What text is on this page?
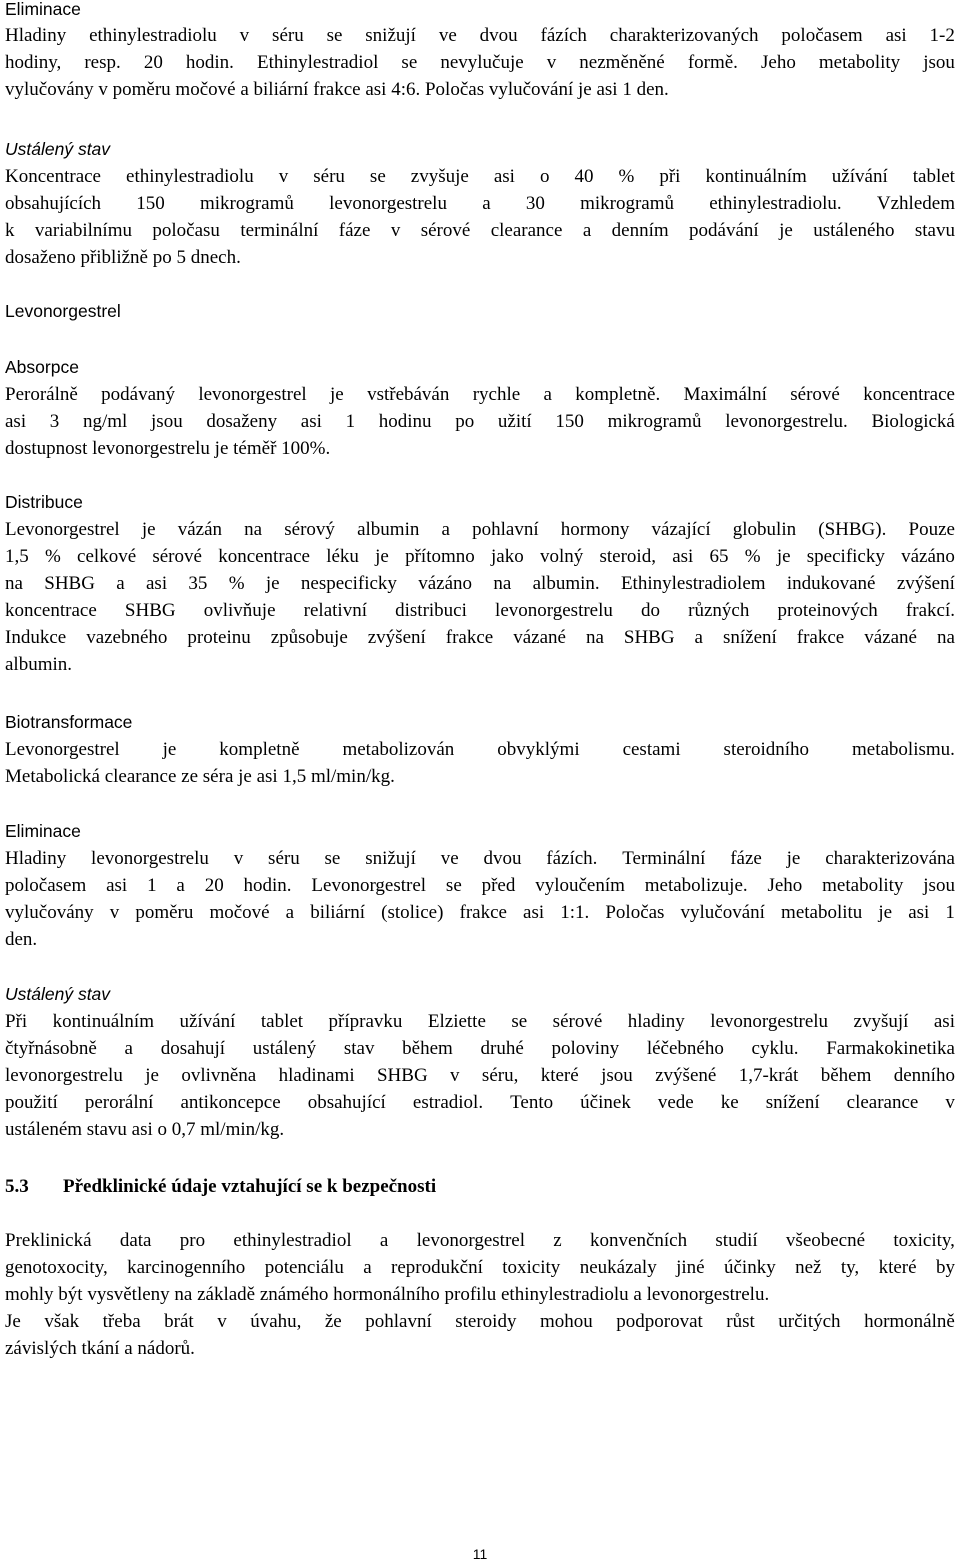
Eliminace
Hladiny ethinylestradiolu v séru se snižují ve dvou fázích charakterizovaných poločasem asi 1-2
hodiny, resp. 20 hodin. Ethinylestradiol se nevylučuje v nezměněné formě. Jeho metabolity jsou
vylučovány v poměru močové a biliární frakce asi 4:6. Poločas vylučování je asi 1 den.
Ustálený stav
Koncentrace ethinylestradiolu v séru se zvyšuje asi o 40 % při kontinuálním užívání tablet
obsahujících 150 mikrogramů levonorgestrelu a 30 mikrogramů ethinylestradiolu. Vzhledem
k variabilnímu poločasu terminální fáze v sérové clearance a denním podávání je ustáleného stavu
dosaženo přibližně po 5 dnech.
Levonorgestrel
Absorpce
Perorálně podávaný levonorgestrel je vstřebáván rychle a kompletně. Maximální sérové koncentrace
asi 3 ng/ml jsou dosaženy asi 1 hodinu po užití 150 mikrogramů levonorgestrelu. Biologická
dostupnost levonorgestrelu je téměř 100%.
Distribuce
Levonorgestrel je vázán na sérový albumin a pohlavní hormony vázající globulin (SHBG). Pouze
1,5 % celkové sérové koncentrace léku je přítomno jako volný steroid, asi 65 % je specificky vázáno
na SHBG a asi 35 % je nespecificky vázáno na albumin. Ethinylestradiolem indukované zvýšení
koncentrace SHBG ovlivňuje relativní distribuci levonorgestrelu do různých proteinových frakcí.
Indukce vazebného proteinu způsobuje zvýšení frakce vázané na SHBG a snížení frakce vázané na
albumin.
Biotransformace
Levonorgestrel je kompletně metabolizován obvyklými cestami steroidního metabolismu.
Metabolická clearance ze séra je asi 1,5 ml/min/kg.
Eliminace
Hladiny levonorgestrelu v séru se snižují ve dvou fázích. Terminální fáze je charakterizována
poločasem asi 1 a 20 hodin. Levonorgestrel se před vyloučením metabolizuje. Jeho metabolity jsou
vylučovány v poměru močové a biliární (stolice) frakce asi 1:1. Poločas vylučování metabolitu je asi 1
den.
Ustálený stav
Při kontinuálním užívání tablet přípravku Elziette se sérové hladiny levonorgestrelu zvyšují asi
čtyřnásobně a dosahují ustálený stav během druhé poloviny léčebného cyklu. Farmakokinetika
levonorgestrelu je ovlivněna hladinami SHBG v séru, které jsou zvýšené 1,7-krát během denního
použití perorální antikoncepce obsahující estradiol. Tento účinek vede ke snížení clearance v
ustáleném stavu asi o 0,7 ml/min/kg.
5.3 Předklinické údaje vztahující se k bezpečnosti
Preklinická data pro ethinylestradiol a levonorgestrel z konvenčních studií všeobecné toxicity,
genotoxocity, karcinogenního potenciálu a reprodukční toxicity neukázaly jiné účinky než ty, které by
mohly být vysvětleny na základě známého hormonálního profilu ethinylestradiolu a levonorgestrelu.
Je však třeba brát v úvahu, že pohlavní steroidy mohou podporovat růst určitých hormonálně
závislých tkání a nádorů.
11
